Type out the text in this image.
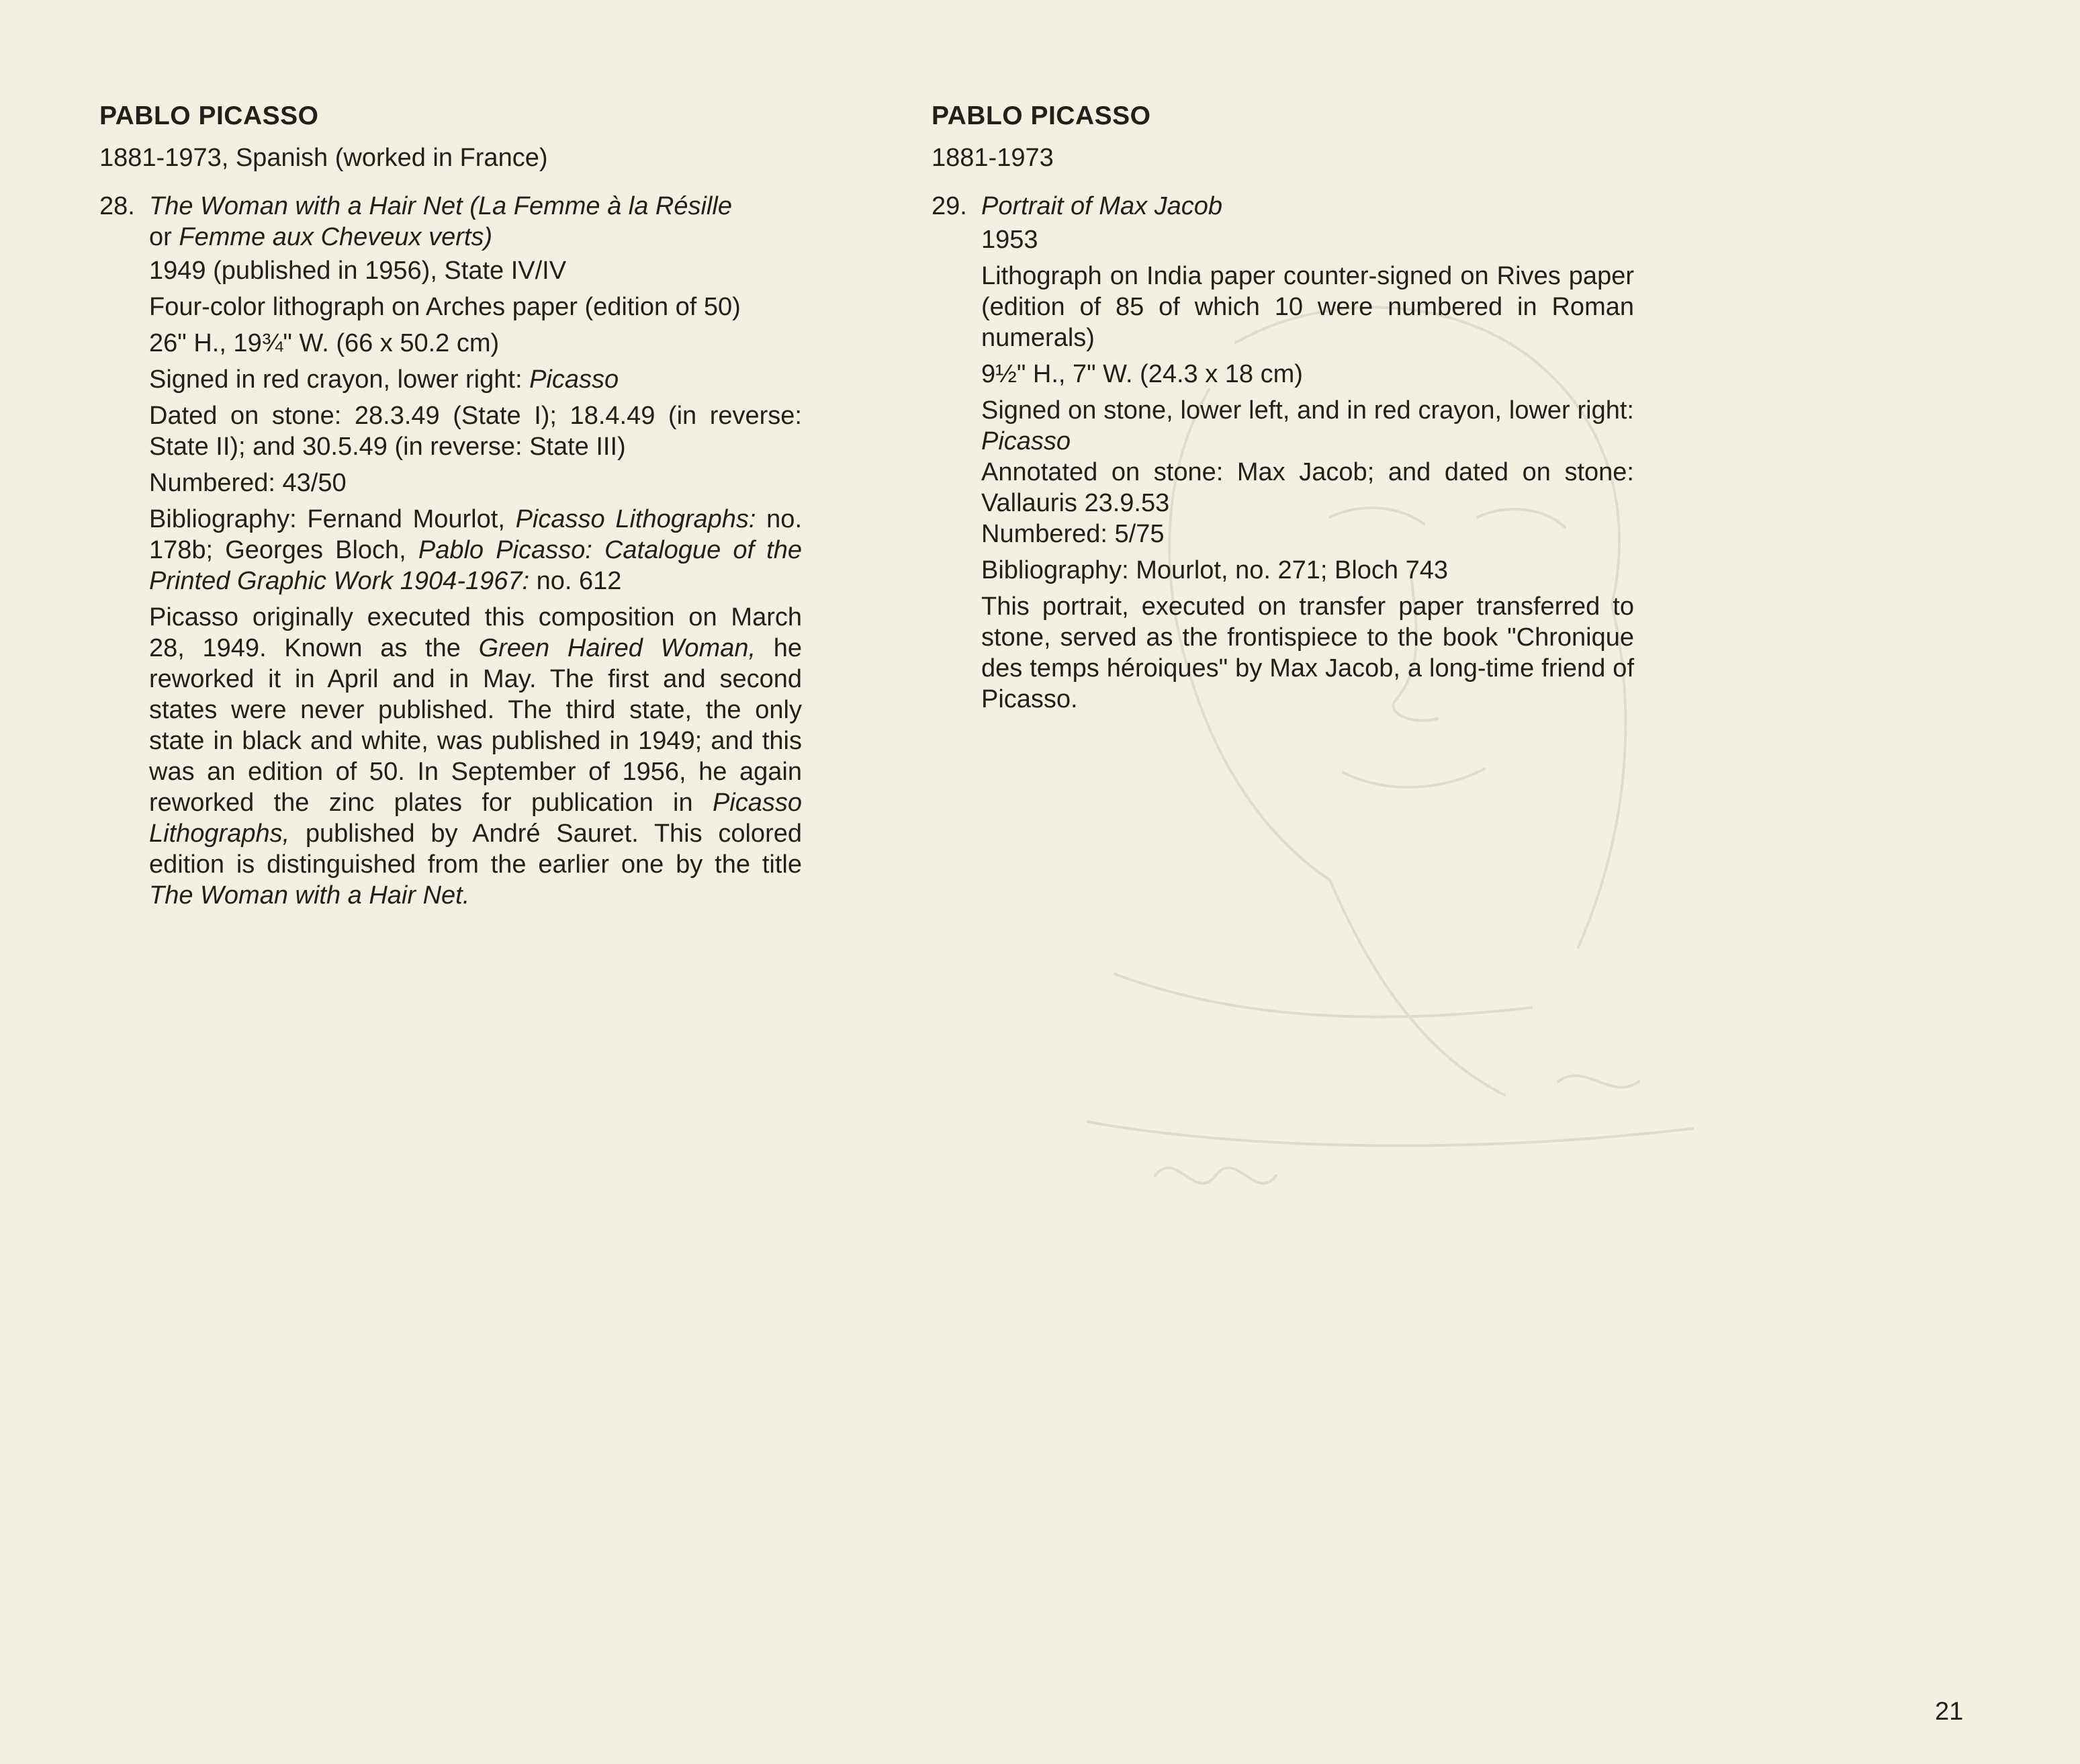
PABLO PICASSO

1881-1973, Spanish (worked in France)

28. The Woman with a Hair Net (La Femme à la Résille
or Femme aux Cheveux verts)
1949 (published in 1956), State IV/IV
Four-color lithograph on Arches paper (edition of 50)
26" H., 19¾" W. (66 x 50.2 cm)
Signed in red crayon, lower right: Picasso
Dated on stone: 28.3.49 (State I); 18.4.49 (in reverse: State II); and 30.5.49 (in reverse: State III)
Numbered: 43/50
Bibliography: Fernand Mourlot, Picasso Lithographs: no. 178b; Georges Bloch, Pablo Picasso: Catalogue of the Printed Graphic Work 1904-1967: no. 612
Picasso originally executed this composition on March 28, 1949. Known as the Green Haired Woman, he reworked it in April and in May. The first and second states were never published. The third state, the only state in black and white, was published in 1949; and this was an edition of 50. In September of 1956, he again reworked the zinc plates for publication in Picasso Lithographs, published by André Sauret. This colored edition is distinguished from the earlier one by the title The Woman with a Hair Net.

PABLO PICASSO

1881-1973

29. Portrait of Max Jacob
1953
Lithograph on India paper counter-signed on Rives paper (edition of 85 of which 10 were numbered in Roman numerals)
9½" H., 7" W. (24.3 x 18 cm)
Signed on stone, lower left, and in red crayon, lower right: Picasso
Annotated on stone: Max Jacob; and dated on stone: Vallauris 23.9.53
Numbered: 5/75
Bibliography: Mourlot, no. 271; Bloch 743
This portrait, executed on transfer paper transferred to stone, served as the frontispiece to the book "Chronique des temps héroiques" by Max Jacob, a long-time friend of Picasso.
21
